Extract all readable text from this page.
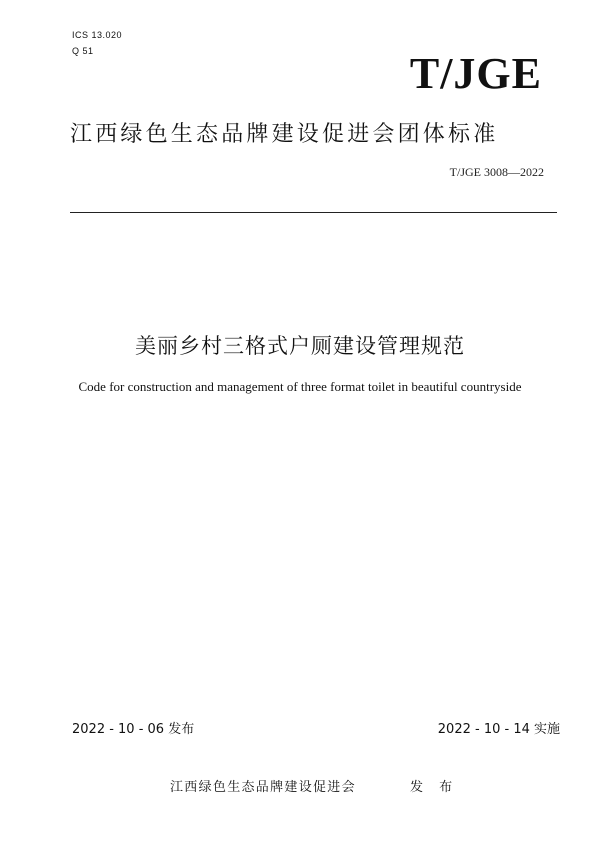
ICS 13.020
Q 51	T/JGE
江西绿色生态品牌建设促进会团体标准
T/JGE 3008—2022
美丽乡村三格式户厕建设管理规范
Code for construction and management of three format toilet in beautiful countryside
2022 - 10 - 06 发布	2022 - 10 - 14 实施
江西绿色生态品牌建设促进会	发 布
